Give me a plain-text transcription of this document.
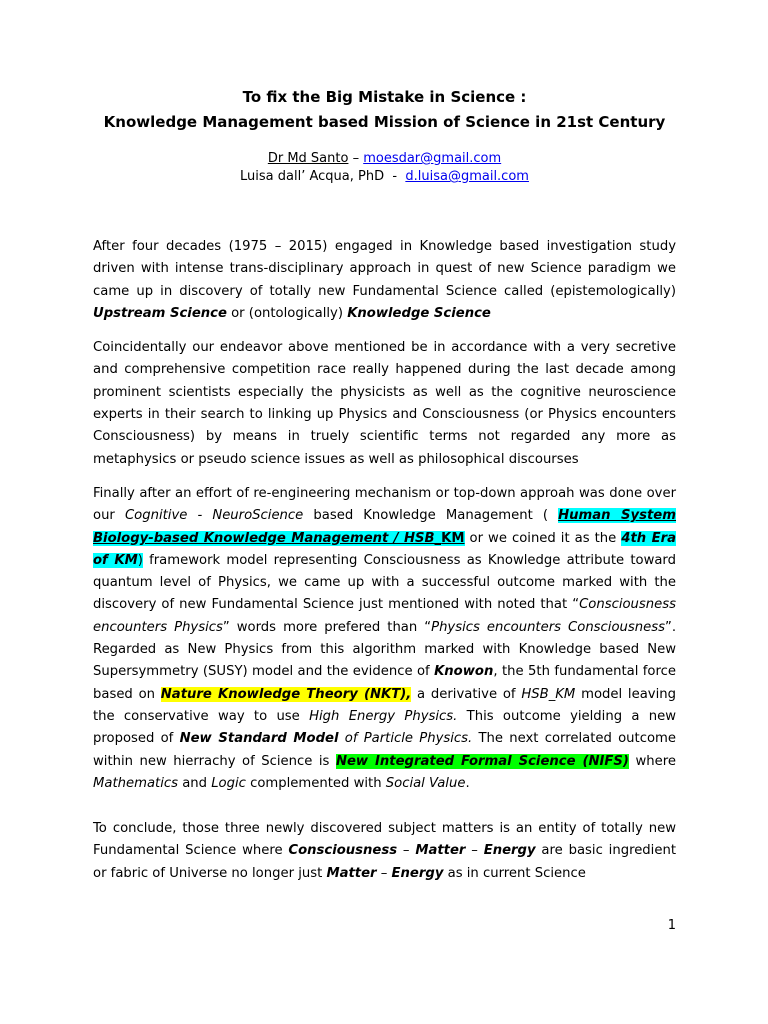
To fix the Big Mistake in Science :
Knowledge Management based Mission of Science in 21st Century
Dr Md Santo – moesdar@gmail.com
Luisa dall’ Acqua, PhD  -  d.luisa@gmail.com

After four decades (1975 – 2015) engaged in Knowledge based investigation study driven with intense trans-disciplinary approach in quest of new Science paradigm we came up in discovery of totally new Fundamental Science called (epistemologically) Upstream Science or (ontologically) Knowledge Science

Coincidentally our endeavor above mentioned be in accordance with a very secretive and comprehensive competition race really happened during the last decade among prominent scientists especially the physicists as well as the cognitive neuroscience experts in their search to linking up Physics and Consciousness (or Physics encounters Consciousness) by means in truely scientific terms not regarded any more as metaphysics or pseudo science issues as well as philosophical discourses

Finally after an effort of re-engineering mechanism or top-down approah was done over our Cognitive - NeuroScience based Knowledge Management ( Human System Biology-based Knowledge Management / HSB_KM or we coined it as the 4th Era of KM) framework model representing Consciousness as Knowledge attribute toward quantum level of Physics, we came up with a successful outcome marked with the discovery of new Fundamental Science just mentioned with noted that “Consciousness encounters Physics” words more prefered than “Physics encounters Consciousness”. Regarded as New Physics from this algorithm marked with Knowledge based New Supersymmetry (SUSY) model and the evidence of Knowon, the 5th fundamental force based on Nature Knowledge Theory (NKT), a derivative of HSB_KM model leaving the conservative way to use High Energy Physics. This outcome yielding a new proposed of New Standard Model of Particle Physics. The next correlated outcome within new hierrachy of Science is New Integrated Formal Science (NIFS) where Mathematics and Logic complemented with Social Value.

To conclude, those three newly discovered subject matters is an entity of totally new Fundamental Science where Consciousness – Matter – Energy are basic ingredient or fabric of Universe no longer just Matter – Energy as in current Science

1
